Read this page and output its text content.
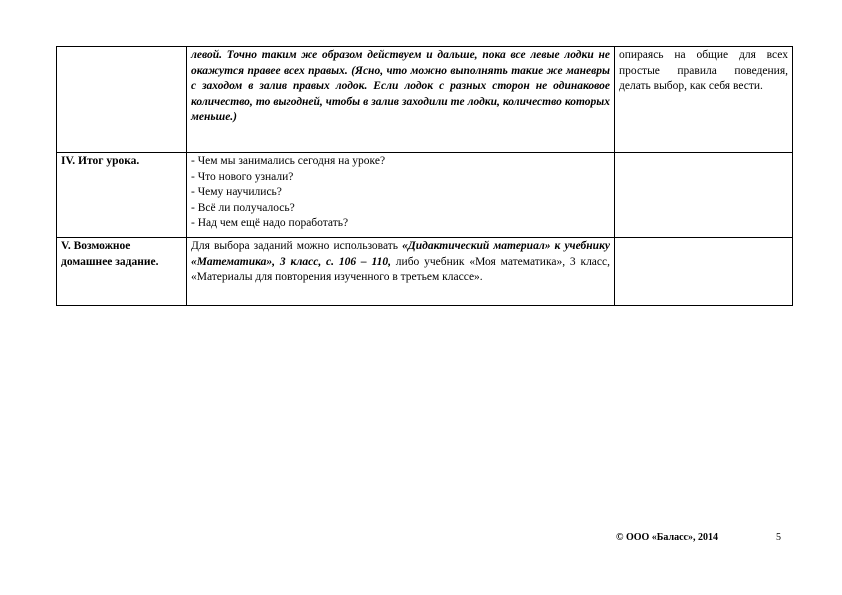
	левой. Точно таким же образом действуем и дальше, пока все левые лодки не окажутся правее всех правых. (Ясно, что можно выполнять такие же маневры с заходом в залив правых лодок. Если лодок с разных сторон не одинаковое количество, то выгодней, чтобы в залив заходили те лодки, количество которых меньше.)	опираясь на общие для всех простые правила поведения, делать выбор, как себя вести.
IV. Итог урока.	- Чем мы занимались сегодня на уроке?
- Что нового узнали?
- Чему научились?
- Всё ли получалось?
- Над чем ещё надо поработать?	

V. Возможное домашнее задание.	Для выбора заданий можно использовать «Дидактический материал» к учебнику «Математика», 3 класс, с. 106 – 110, либо учебник «Моя математика», 3 класс, «Материалы для повторения изученного в третьем классе».	
© ООО «Баласс», 2014	5
